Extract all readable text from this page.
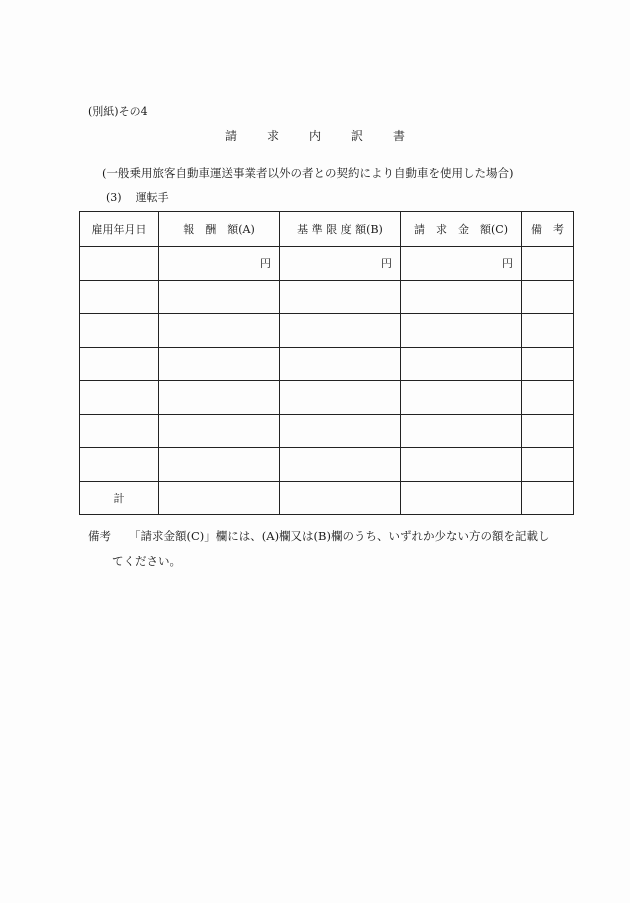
(別紙)その4
請	求	内	訳	書
(一般乗用旅客自動車運送事業者以外の者との契約により自動車を使用した場合)
(3) 運転手
雇用年月日	報　酬　額(A)	基 準 限 度 額(B)	請　求　金　額(C)	備　考
	円	円	円	

計				
備考 「請求金額(C)」欄には、(A)欄又は(B)欄のうち、いずれか少ない方の額を記載し
てください。
